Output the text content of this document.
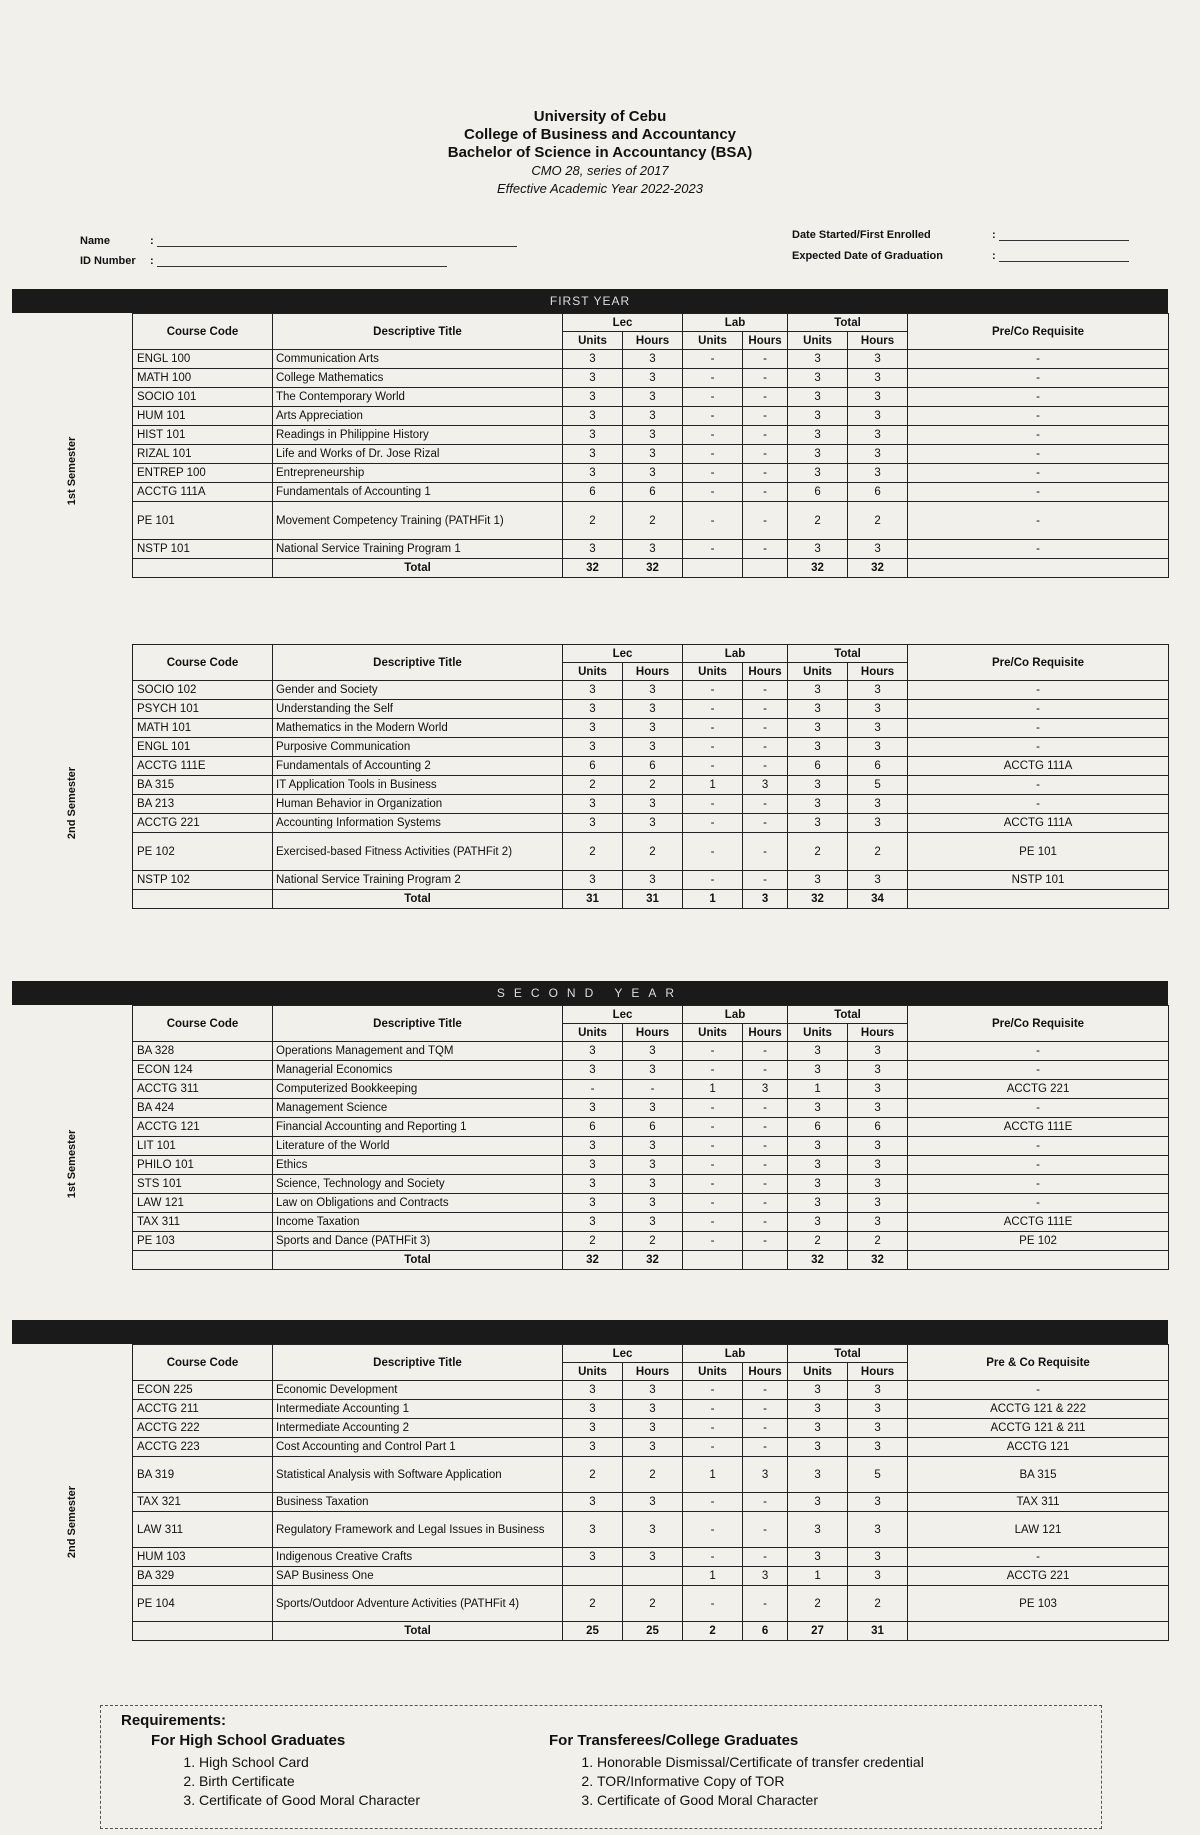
University of Cebu
College of Business and Accountancy
Bachelor of Science in Accountancy (BSA)
CMO 28, series of 2017
Effective Academic Year 2022-2023
Name	:
ID Number :
Date Started/First Enrolled	:
Expected Date of Graduation	:
FIRST YEAR
SECOND YEAR
1st Semester
Course Code	Descriptive Title	Lec		Lab		Total		Pre/Co Requisite
		Units	Hours	Units	Hours	Units	Hours	
ENGL 100	Communication Arts	3	3	-	-	3	3	-
MATH 100	College Mathematics	3	3	-	-	3	3	-
SOCIO 101	The Contemporary World	3	3	-	-	3	3	-
HUM 101	Arts Appreciation	3	3	-	-	3	3	-
HIST 101	Readings in Philippine History	3	3	-	-	3	3	-
RIZAL 101	Life and Works of Dr. Jose Rizal	3	3	-	-	3	3	-
ENTREP 100	Entrepreneurship	3	3	-	-	3	3	-
ACCTG 111A	Fundamentals of Accounting 1	6	6	-	-	6	6	-
PE 101	Movement Competency Training (PATHFit 1)	2	2	-	-	2	2	-
NSTP 101	National Service Training Program 1	3	3	-	-	3	3	-
	Total	32	32			32	32	
2nd Semester
Course Code	Descriptive Title	Lec		Lab		Total		Pre/Co Requisite
		Units	Hours	Units	Hours	Units	Hours	
SOCIO 102	Gender and Society	3	3	-	-	3	3	-
PSYCH 101	Understanding the Self	3	3	-	-	3	3	-
MATH 101	Mathematics in the Modern World	3	3	-	-	3	3	-
ENGL 101	Purposive Communication	3	3	-	-	3	3	-
ACCTG 111E	Fundamentals of Accounting 2	6	6	-	-	6	6	ACCTG 111A
BA 315	IT Application Tools in Business	2	2	1	3	3	5	-
BA 213	Human Behavior in Organization	3	3	-	-	3	3	-
ACCTG 221	Accounting Information Systems	3	3	-	-	3	3	ACCTG 111A
PE 102	Exercised-based Fitness Activities (PATHFit 2)	2	2	-	-	2	2	PE 101
NSTP 102	National Service Training Program 2	3	3	-	-	3	3	NSTP 101
	Total	31	31	1	3	32	34	
1st Semester
Course Code	Descriptive Title	Lec		Lab		Total		Pre/Co Requisite
		Units	Hours	Units	Hours	Units	Hours	
BA 328	Operations Management and TQM	3	3	-	-	3	3	-
ECON 124	Managerial Economics	3	3	-	-	3	3	-
ACCTG 311	Computerized Bookkeeping	-	-	1	3	1	3	ACCTG 221
BA 424	Management Science	3	3	-	-	3	3	-
ACCTG 121	Financial Accounting and Reporting 1	6	6	-	-	6	6	ACCTG 111E
LIT 101	Literature of the World	3	3	-	-	3	3	-
PHILO 101	Ethics	3	3	-	-	3	3	-
STS 101	Science, Technology and Society	3	3	-	-	3	3	-
LAW 121	Law on Obligations and Contracts	3	3	-	-	3	3	-
TAX 311	Income Taxation	3	3	-	-	3	3	ACCTG 111E
PE 103	Sports and Dance (PATHFit 3)	2	2	-	-	2	2	PE 102
	Total	32	32			32	32	
2nd Semester
Course Code	Descriptive Title	Lec		Lab		Total		Pre & Co Requisite
		Units	Hours	Units	Hours	Units	Hours	
ECON 225	Economic Development	3	3	-	-	3	3	-
ACCTG 211	Intermediate Accounting 1	3	3	-	-	3	3	ACCTG 121 & 222
ACCTG 222	Intermediate Accounting 2	3	3	-	-	3	3	ACCTG 121 & 211
ACCTG 223	Cost Accounting and Control Part 1	3	3	-	-	3	3	ACCTG 121
BA 319	Statistical Analysis with Software Application	2	2	1	3	3	5	BA 315
TAX 321	Business Taxation	3	3	-	-	3	3	TAX 311
LAW 311	Regulatory Framework and Legal Issues in Business	3	3	-	-	3	3	LAW 121
HUM 103	Indigenous Creative Crafts	3	3	-	-	3	3	-
BA 329	SAP Business One			1	3	1	3	ACCTG 221
PE 104	Sports/Outdoor Adventure Activities (PATHFit 4)	2	2	-	-	2	2	PE 103
	Total	25	25	2	6	27	31	
Requirements:
For High School Graduates
1. High School Card
2. Birth Certificate
3. Certificate of Good Moral Character
For Transferees/College Graduates
1. Honorable Dismissal/Certificate of transfer credential
2. TOR/Informative Copy of TOR
3. Certificate of Good Moral Character
